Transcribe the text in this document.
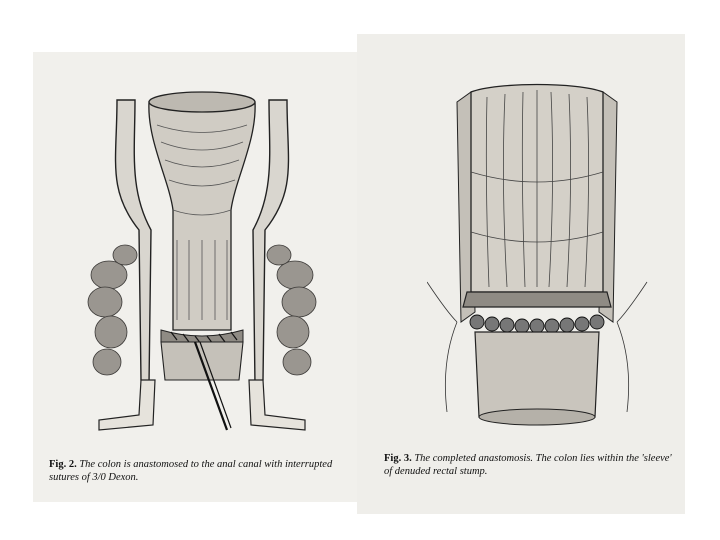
Fig. 2. The colon is anastomosed to the anal canal with interrupted sutures of 3/0 Dexon.
Fig. 3. The completed anastomosis. The colon lies within the 'sleeve' of denuded rectal stump.
